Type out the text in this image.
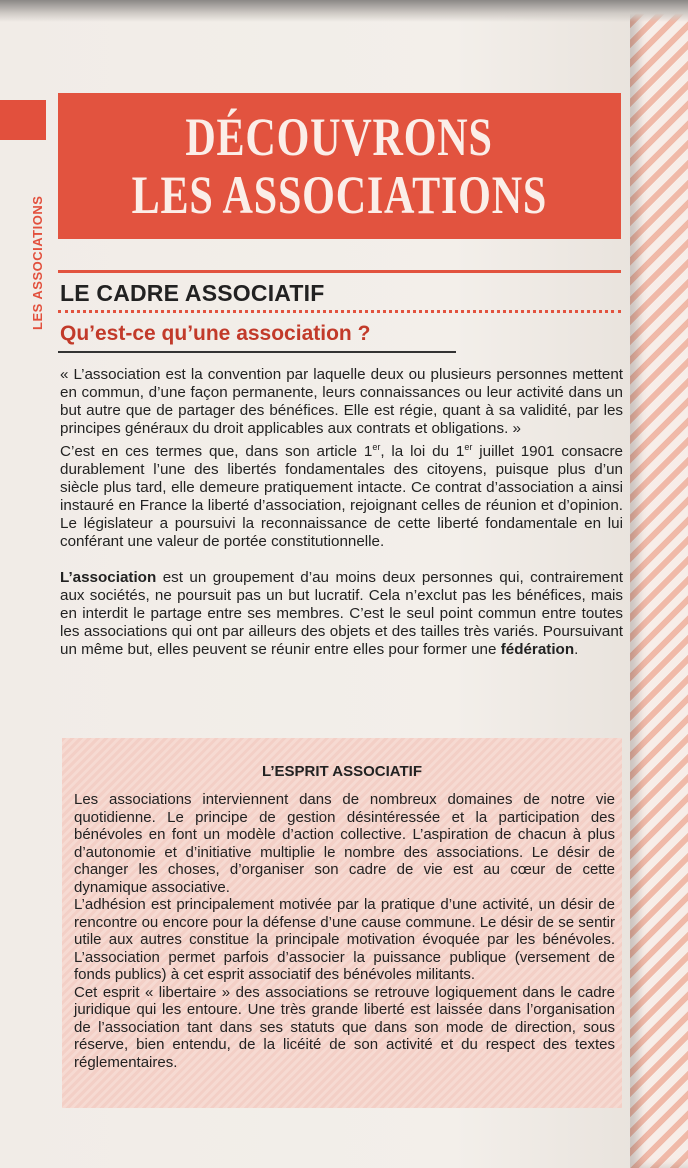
LES ASSOCIATIONS
DÉCOUVRONS
LES ASSOCIATIONS
LE CADRE ASSOCIATIF
Qu’est-ce qu’une association ?

« L’association est la convention par laquelle deux ou plusieurs personnes mettent en commun, d’une façon permanente, leurs connaissances ou leur activité dans un but autre que de partager des bénéfices. Elle est régie, quant à sa validité, par les principes généraux du droit applicables aux contrats et obligations. »

C’est en ces termes que, dans son article 1er, la loi du 1er juillet 1901 consacre durablement l’une des libertés fondamentales des citoyens, puisque plus d’un siècle plus tard, elle demeure pratiquement intacte. Ce contrat d’association a ainsi instauré en France la liberté d’association, rejoignant celles de réunion et d’opinion. Le législateur a poursuivi la reconnaissance de cette liberté fondamentale en lui conférant une valeur de portée constitutionnelle.

L’association est un groupement d’au moins deux personnes qui, contrairement aux sociétés, ne poursuit pas un but lucratif. Cela n’exclut pas les bénéfices, mais en interdit le partage entre ses membres. C’est le seul point commun entre toutes les associations qui ont par ailleurs des objets et des tailles très variés. Poursuivant un même but, elles peuvent se réunir entre elles pour former une fédération.

L’ESPRIT ASSOCIATIF

Les associations interviennent dans de nombreux domaines de notre vie quotidienne. Le principe de gestion désintéressée et la participation des bénévoles en font un modèle d’action collective. L’aspiration de chacun à plus d’autonomie et d’initiative multiplie le nombre des associations. Le désir de changer les choses, d’organiser son cadre de vie est au cœur de cette dynamique associative.

L’adhésion est principalement motivée par la pratique d’une activité, un désir de rencontre ou encore pour la défense d’une cause commune. Le désir de se sentir utile aux autres constitue la principale motivation évoquée par les bénévoles. L’association permet parfois d’associer la puissance publique (versement de fonds publics) à cet esprit associatif des bénévoles militants.

Cet esprit « libertaire » des associations se retrouve logiquement dans le cadre juridique qui les entoure. Une très grande liberté est laissée dans l’organisation de l’association tant dans ses statuts que dans son mode de direction, sous réserve, bien entendu, de la licéité de son activité et du respect des textes réglementaires.
